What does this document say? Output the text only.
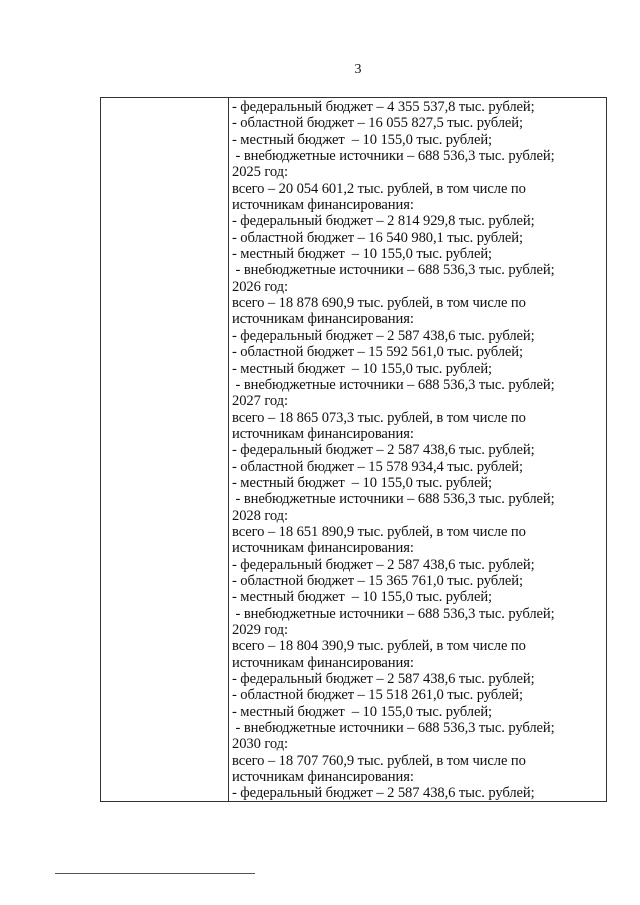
3
- федеральный бюджет – 4 355 537,8 тыс. рублей;
- областной бюджет – 16 055 827,5 тыс. рублей;
- местный бюджет  – 10 155,0 тыс. рублей;
- внебюджетные источники – 688 536,3 тыс. рублей;
2025 год:
всего – 20 054 601,2 тыс. рублей, в том числе по
источникам финансирования:
- федеральный бюджет – 2 814 929,8 тыс. рублей;
- областной бюджет – 16 540 980,1 тыс. рублей;
- местный бюджет  – 10 155,0 тыс. рублей;
- внебюджетные источники – 688 536,3 тыс. рублей;
2026 год:
всего – 18 878 690,9 тыс. рублей, в том числе по
источникам финансирования:
- федеральный бюджет – 2 587 438,6 тыс. рублей;
- областной бюджет – 15 592 561,0 тыс. рублей;
- местный бюджет  – 10 155,0 тыс. рублей;
- внебюджетные источники – 688 536,3 тыс. рублей;
2027 год:
всего – 18 865 073,3 тыс. рублей, в том числе по
источникам финансирования:
- федеральный бюджет – 2 587 438,6 тыс. рублей;
- областной бюджет – 15 578 934,4 тыс. рублей;
- местный бюджет  – 10 155,0 тыс. рублей;
- внебюджетные источники – 688 536,3 тыс. рублей;
2028 год:
всего – 18 651 890,9 тыс. рублей, в том числе по
источникам финансирования:
- федеральный бюджет – 2 587 438,6 тыс. рублей;
- областной бюджет – 15 365 761,0 тыс. рублей;
- местный бюджет  – 10 155,0 тыс. рублей;
- внебюджетные источники – 688 536,3 тыс. рублей;
2029 год:
всего – 18 804 390,9 тыс. рублей, в том числе по
источникам финансирования:
- федеральный бюджет – 2 587 438,6 тыс. рублей;
- областной бюджет – 15 518 261,0 тыс. рублей;
- местный бюджет  – 10 155,0 тыс. рублей;
- внебюджетные источники – 688 536,3 тыс. рублей;
2030 год:
всего – 18 707 760,9 тыс. рублей, в том числе по
источникам финансирования:
- федеральный бюджет – 2 587 438,6 тыс. рублей;
